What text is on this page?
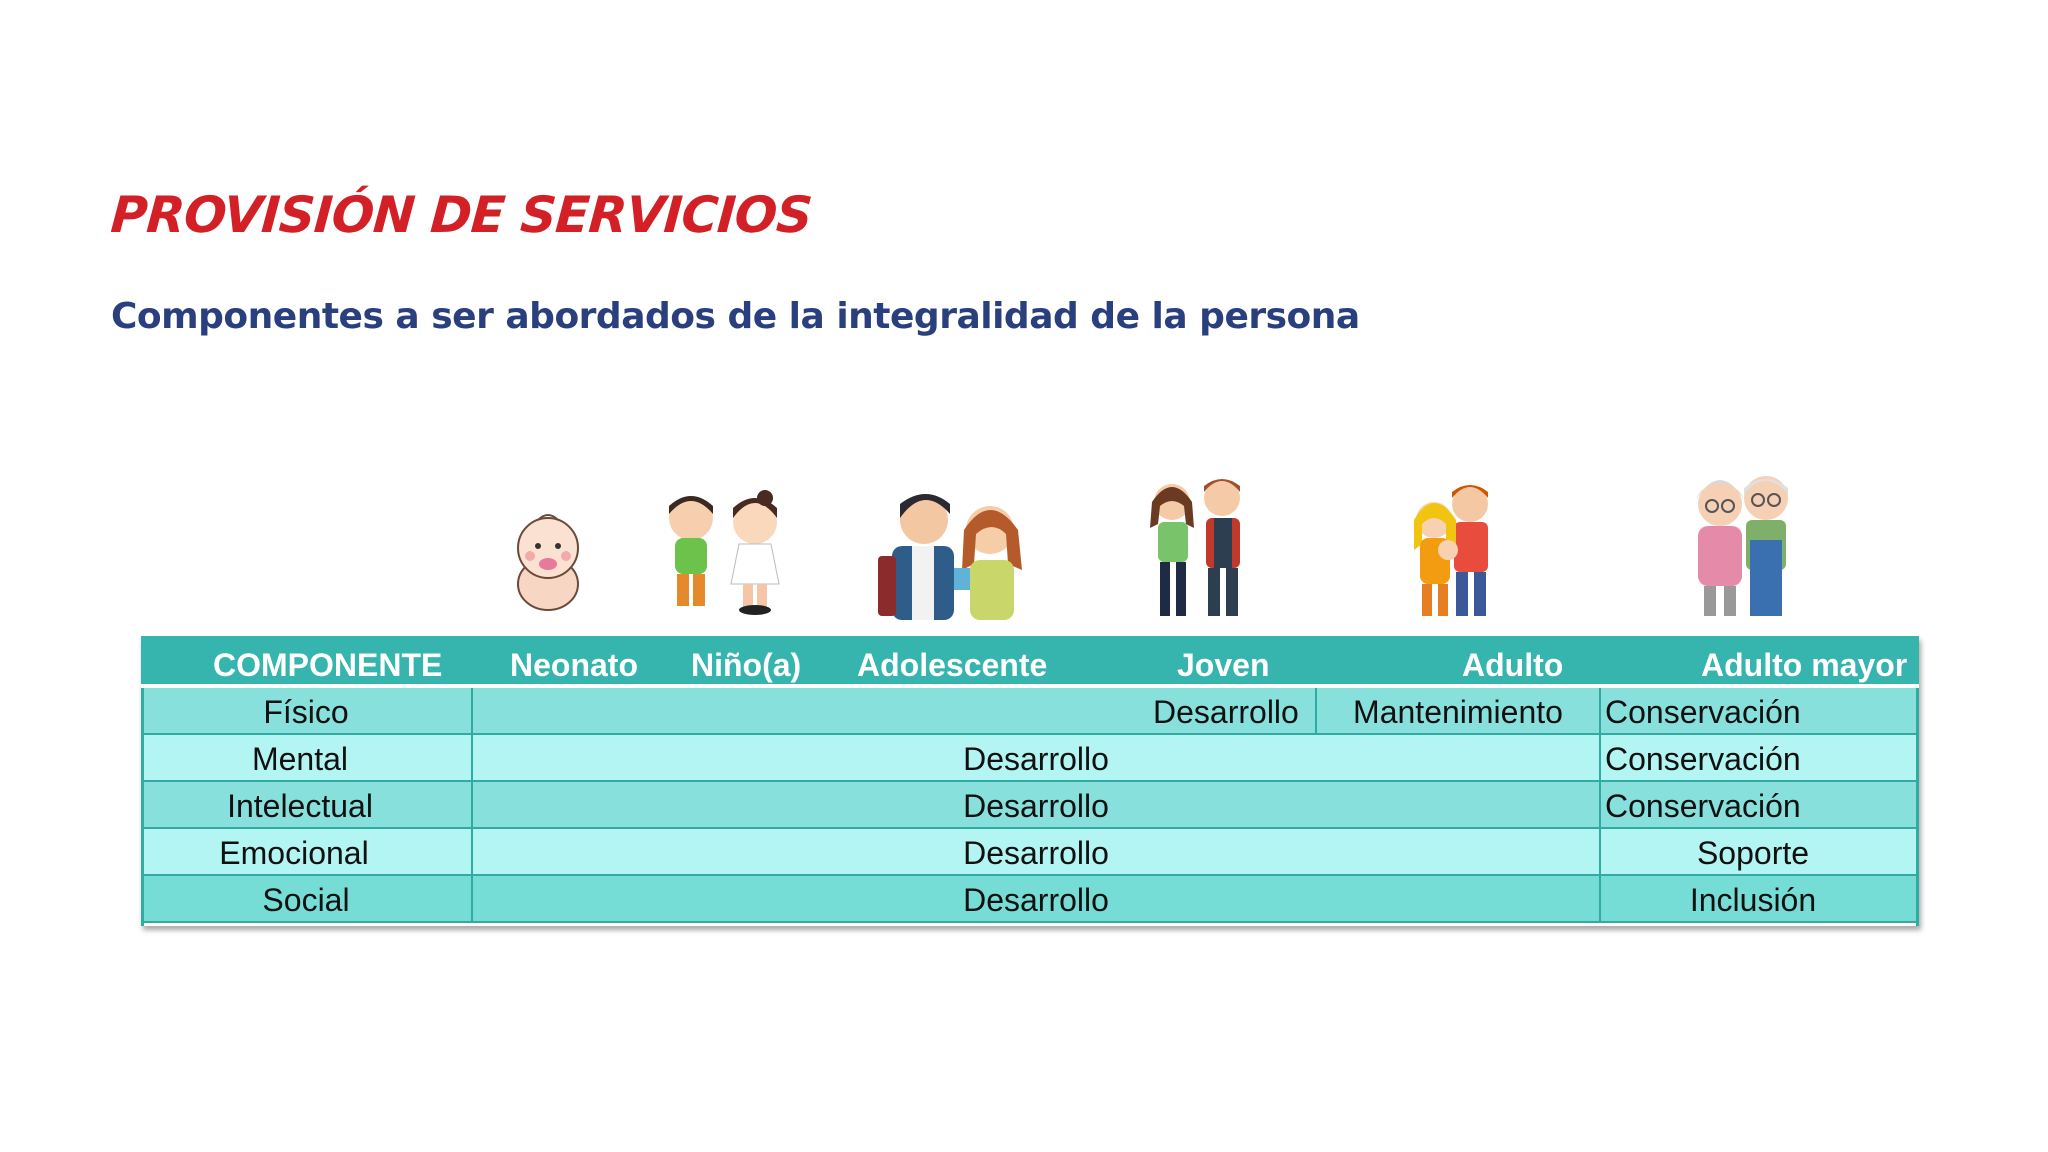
PROVISIÓN DE SERVICIOS
Componentes a ser abordados de la integralidad de la persona
COMPONENTE Neonato Niño(a) Adolescente	Joven	Adulto	Adulto mayor
Físico	Desarrollo	Mantenimiento	Conservación
Mental	Desarrollo	Conservación
Intelectual	Desarrollo	Conservación
Emocional	Desarrollo	Soporte
Social	Desarrollo	Inclusión
